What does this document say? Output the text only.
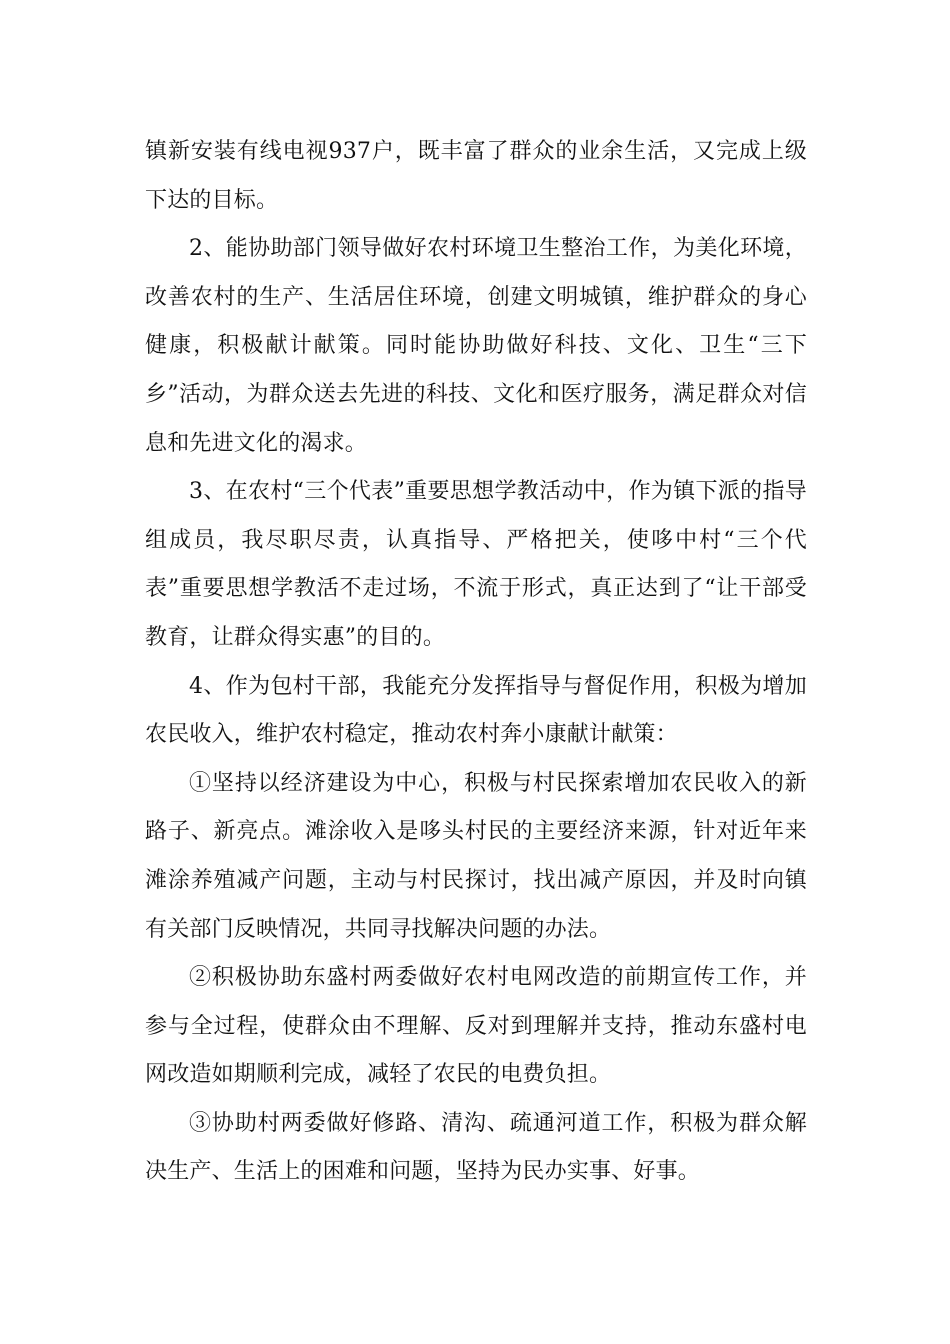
镇新安装有线电视937户，既丰富了群众的业余生活，又完成上级下达的目标。

2、能协助部门领导做好农村环境卫生整治工作，为美化环境，改善农村的生产、生活居住环境，创建文明城镇，维护群众的身心健康，积极献计献策。同时能协助做好科技、文化、卫生“三下乡”活动，为群众送去先进的科技、文化和医疗服务，满足群众对信息和先进文化的渴求。

3、在农村“三个代表”重要思想学教活动中，作为镇下派的指导组成员，我尽职尽责，认真指导、严格把关，使哆中村“三个代表”重要思想学教活不走过场，不流于形式，真正达到了“让干部受教育，让群众得实惠”的目的。

4、作为包村干部，我能充分发挥指导与督促作用，积极为增加农民收入，维护农村稳定，推动农村奔小康献计献策：

①坚持以经济建设为中心，积极与村民探索增加农民收入的新路子、新亮点。滩涂收入是哆头村民的主要经济来源，针对近年来滩涂养殖减产问题，主动与村民探讨，找出减产原因，并及时向镇有关部门反映情况，共同寻找解决问题的办法。

②积极协助东盛村两委做好农村电网改造的前期宣传工作，并参与全过程，使群众由不理解、反对到理解并支持，推动东盛村电网改造如期顺利完成，减轻了农民的电费负担。

③协助村两委做好修路、清沟、疏通河道工作，积极为群众解决生产、生活上的困难和问题，坚持为民办实事、好事。
